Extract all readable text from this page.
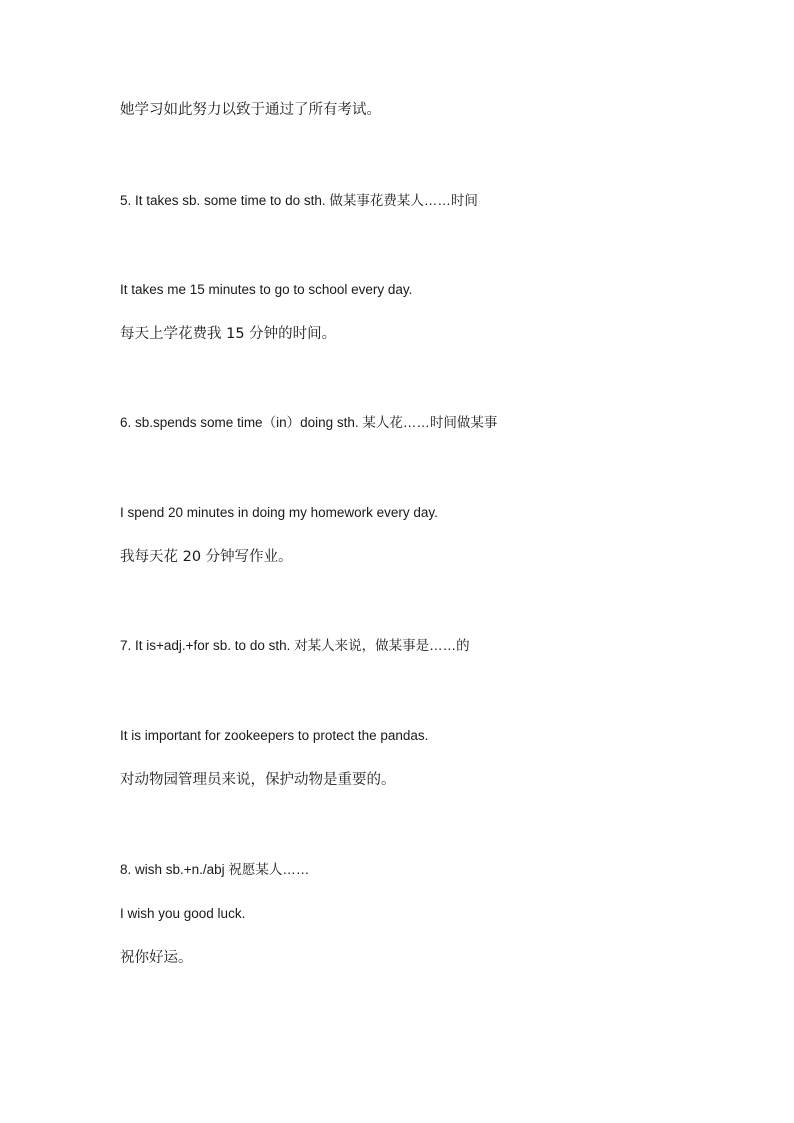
她学习如此努力以致于通过了所有考试。

5. It takes sb. some time to do sth. 做某事花费某人……时间

It takes me 15 minutes to go to school every day.

每天上学花费我 15 分钟的时间。

6. sb.spends some time（in）doing sth. 某人花……时间做某事

I spend 20 minutes in doing my homework every day.

我每天花 20 分钟写作业。

7. It is+adj.+for sb. to do sth. 对某人来说，做某事是……的

It is important for zookeepers to protect the pandas.

对动物园管理员来说，保护动物是重要的。

8. wish sb.+n./abj 祝愿某人……

I wish you good luck.

祝你好运。
